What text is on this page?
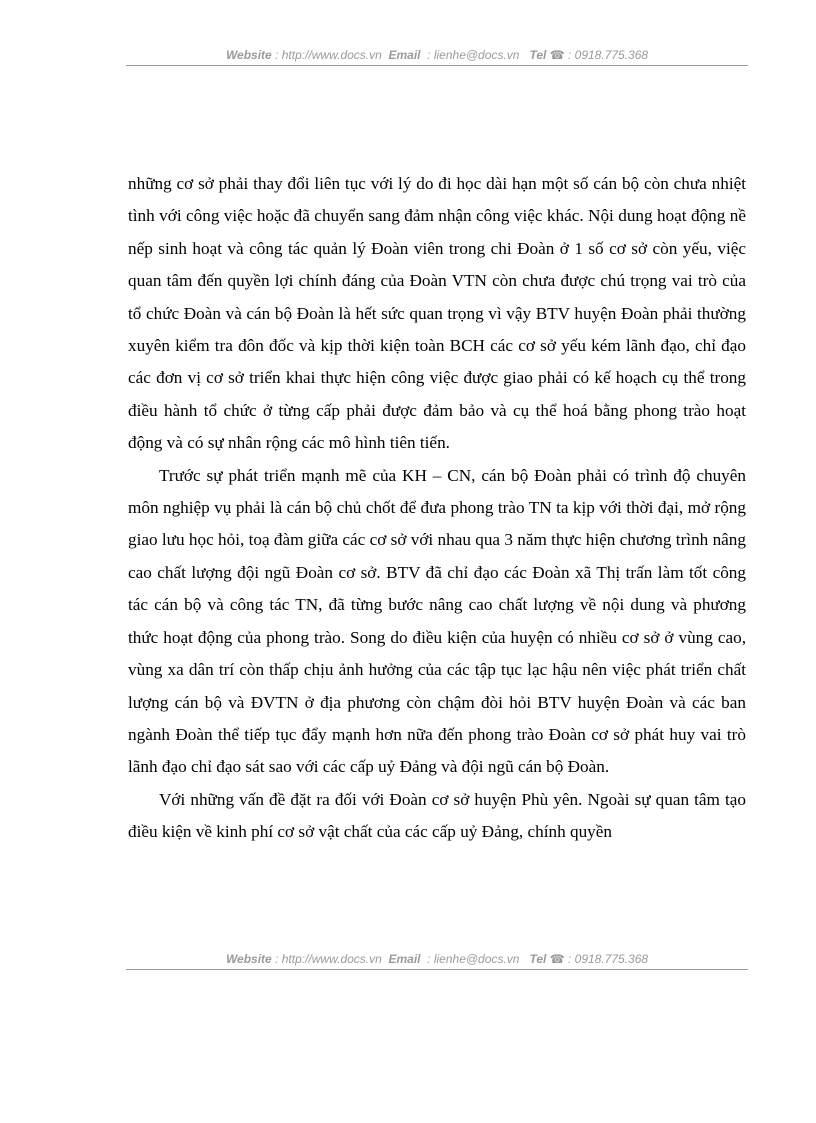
Website : http://www.docs.vn Email  : lienhe@docs.vn Tel ☎ : 0918.775.368

những cơ sở phải thay đổi liên tục với lý do đi học dài hạn một số cán bộ còn chưa nhiệt tình với công việc hoặc đã chuyển sang đảm nhận công việc khác. Nội dung hoạt động nề nếp sinh hoạt và công tác quản lý Đoàn viên trong chi Đoàn ở 1 số cơ sở còn yếu, việc quan tâm đến quyền lợi chính đáng của Đoàn VTN còn chưa được chú trọng vai trò của tổ chức Đoàn và cán bộ Đoàn là hết sức quan trọng vì vậy BTV huyện Đoàn phải thường xuyên kiểm tra đôn đốc và kịp thời kiện toàn BCH các cơ sở yếu kém lãnh đạo, chỉ đạo các đơn vị cơ sở triển khai thực hiện công việc được giao phải có kế hoạch cụ thể trong điều hành tổ chức ở từng cấp phải được đảm bảo và cụ thể hoá bằng phong trào hoạt động và có sự nhân rộng các mô hình tiên tiến.

Trước sự phát triển mạnh mẽ của KH – CN, cán bộ Đoàn phải có trình độ chuyên môn nghiệp vụ phải là cán bộ chủ chốt để đưa phong trào TN ta kịp với thời đại, mở rộng giao lưu học hỏi, toạ đàm giữa các cơ sở với nhau qua 3 năm thực hiện chương trình nâng cao chất lượng đội ngũ Đoàn cơ sở. BTV đã chỉ đạo các Đoàn xã Thị trấn làm tốt công tác cán bộ và công tác TN, đã từng bước nâng cao chất lượng về nội dung và phương thức hoạt động của phong trào. Song do điều kiện của huyện có nhiều cơ sở ở vùng cao, vùng xa dân trí còn thấp chịu ảnh hưởng của các tập tục lạc hậu nên việc phát triển chất lượng cán bộ và ĐVTN ở địa phương còn chậm đòi hỏi BTV huyện Đoàn và các ban ngành Đoàn thể tiếp tục đẩy mạnh hơn nữa đến phong trào Đoàn cơ sở phát huy vai trò lãnh đạo chỉ đạo sát sao với các cấp uỷ Đảng và đội ngũ cán bộ Đoàn.

Với những vấn đề đặt ra đối với Đoàn cơ sở huyện Phù yên. Ngoài sự quan tâm tạo điều kiện về kinh phí cơ sở vật chất của các cấp uỷ Đảng, chính quyền

Website : http://www.docs.vn Email  : lienhe@docs.vn Tel ☎ : 0918.775.368
